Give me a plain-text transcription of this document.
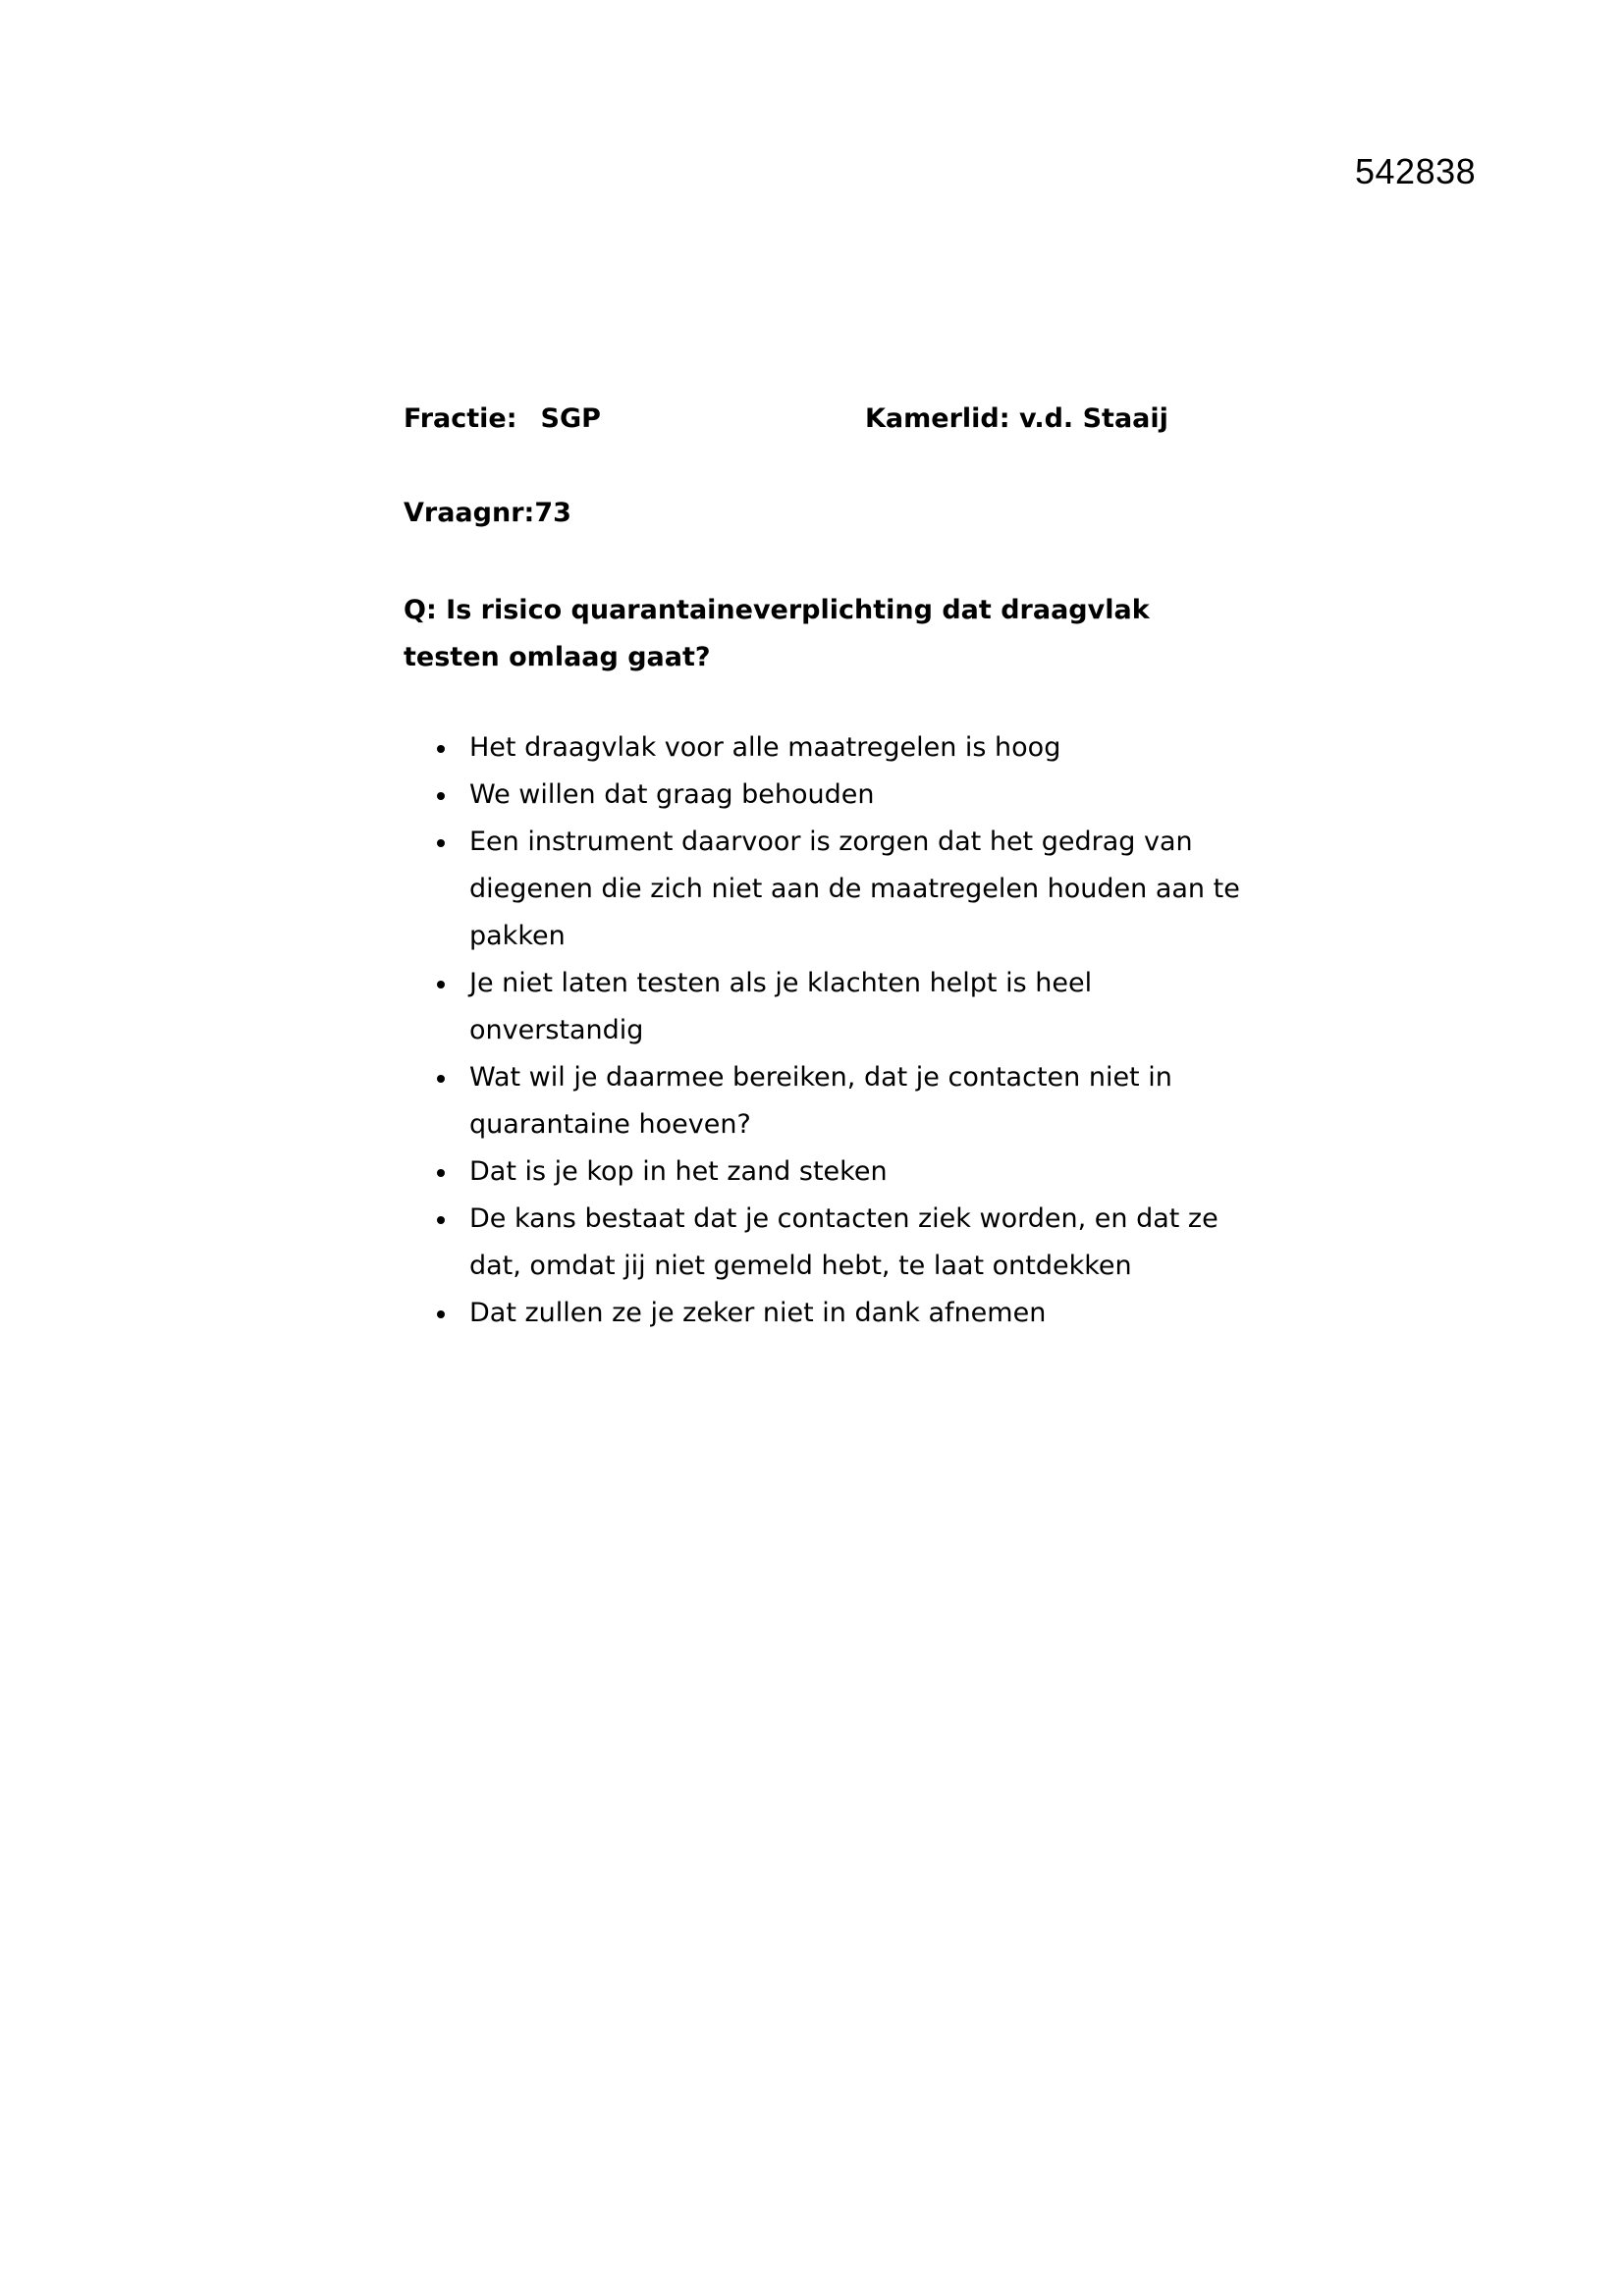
542838
Fractie: SGP	Kamerlid: v.d. Staaij
Vraagnr:73
Q: Is risico quarantaineverplichting dat draagvlak testen omlaag gaat?
Het draagvlak voor alle maatregelen is hoog
We willen dat graag behouden
Een instrument daarvoor is zorgen dat het gedrag van diegenen die zich niet aan de maatregelen houden aan te pakken
Je niet laten testen als je klachten helpt is heel onverstandig
Wat wil je daarmee bereiken, dat je contacten niet in quarantaine hoeven?
Dat is je kop in het zand steken
De kans bestaat dat je contacten ziek worden, en dat ze dat, omdat jij niet gemeld hebt, te laat ontdekken
Dat zullen ze je zeker niet in dank afnemen
